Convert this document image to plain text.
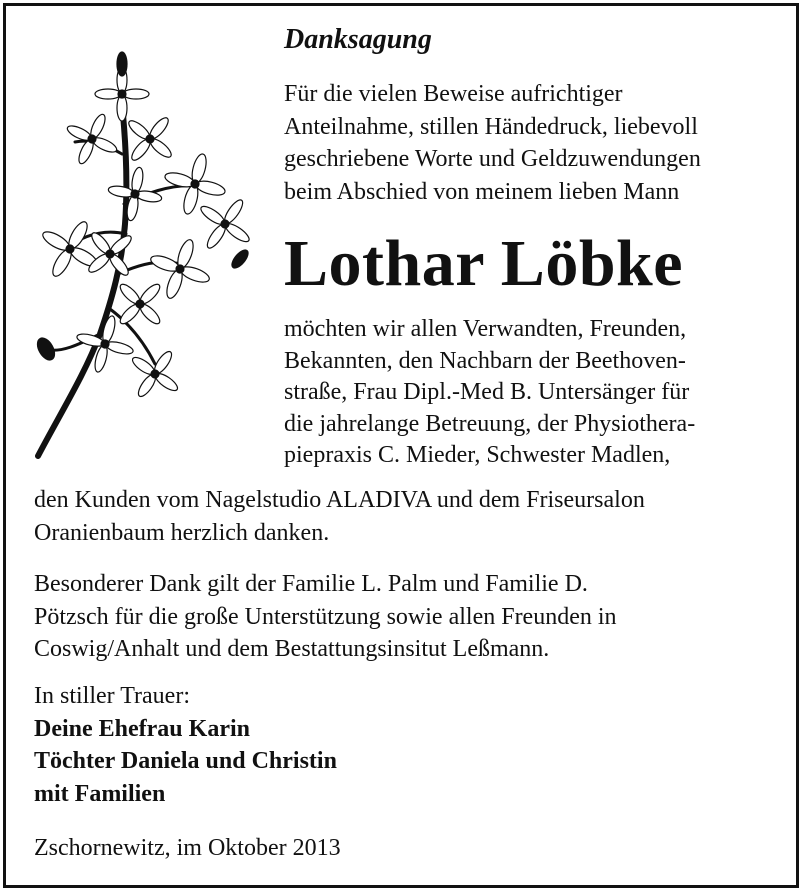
Danksagung
Für die vielen Beweise aufrichtiger
Anteilnahme, stillen Händedruck, liebevoll
geschriebene Worte und Geldzuwendungen
beim Abschied von meinem lieben Mann
Lothar Löbke
möchten wir allen Verwandten, Freunden,
Bekannten, den Nachbarn der Beethoven-
straße, Frau Dipl.-Med B. Untersänger für
die jahrelange Betreuung, der Physiothera-
piepraxis C. Mieder, Schwester Madlen,
den Kunden vom Nagelstudio ALADIVA und dem Friseursalon
Oranienbaum herzlich danken.
Besonderer Dank gilt der Familie L. Palm und Familie D.
Pötzsch für die große Unterstützung sowie allen Freunden in
Coswig/Anhalt und dem Bestattungsinsitut Leßmann.
In stiller Trauer:
Deine Ehefrau Karin
Töchter Daniela und Christin
mit Familien
Zschornewitz, im Oktober 2013
